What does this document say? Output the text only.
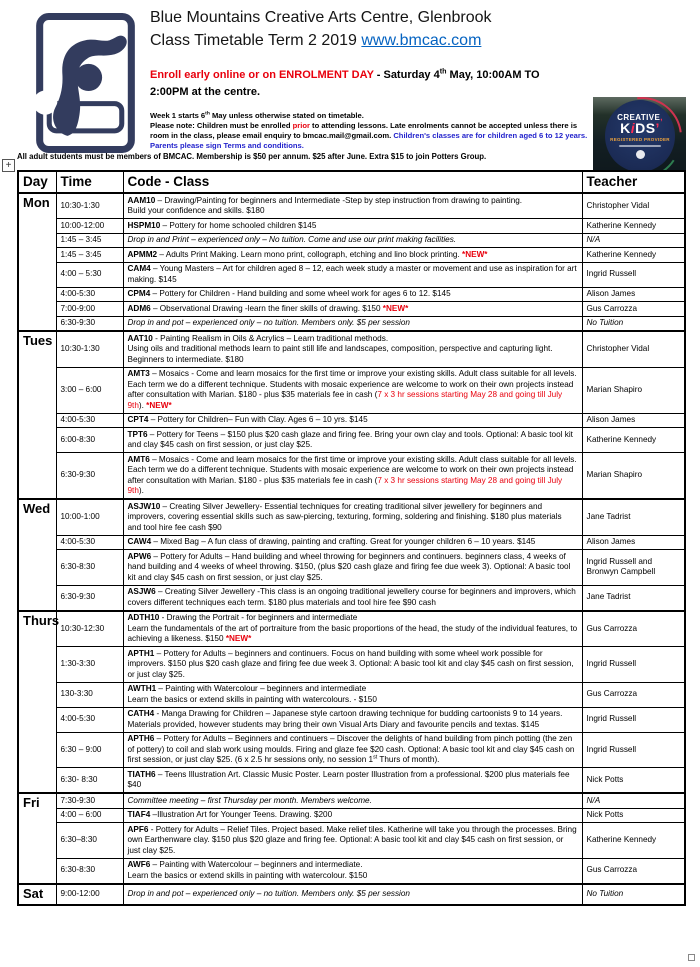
Blue Mountains Creative Arts Centre, Glenbrook
Class Timetable Term 2 2019 www.bmcac.com
Enroll early online or on ENROLMENT DAY - Saturday 4th May, 10:00AM TO
2:00PM at the centre.
Week 1 starts 6th May unless otherwise stated on timetable.
Please note: Children must be enrolled prior to attending lessons. Late enrolments cannot be accepted unless there is room in the class, please email enquiry to bmcac.mail@gmail.com. Children's classes are for children aged 6 to 12 years. Parents please sign Terms and conditions.
All adult students must be members of BMCAC. Membership is $50 per annum. $25 after June. Extra $15 to join Potters Group.
CREATIVE,
KiDS’
REGISTERED PROVIDER
+
Day	Time	Code - Class	Teacher
Mon	10:30-1:30	AAM10 – Drawing/Painting for beginners and Intermediate -Step by step instruction from drawing to painting.
Build your confidence and skills. $180	Christopher Vidal
	10:00-12:00	HSPM10 – Pottery for home schooled children $145	Katherine Kennedy
	1:45 – 3:45	Drop in and Print – experienced only – No tuition. Come and use our print making facilities.	N/A
	1:45 – 3:45	APMM2 – Adults Print Making. Learn mono print, collograph, etching and lino block printing. *NEW*	Katherine Kennedy
	4:00 – 5:30	CAM4 – Young Masters – Art for children aged 8 – 12, each week study a master or movement and use as inspiration for art making. $145	Ingrid Russell
	4:00-5:30	CPM4 – Pottery for Children - Hand building and some wheel work for ages 6 to 12. $145	Alison James
	7:00-9:00	ADM6 – Observational Drawing -learn the finer skills of drawing. $150 *NEW*	Gus Carrozza
	6:30-9:30	Drop in and pot – experienced only – no tuition. Members only. $5 per session	No Tuition
Tues	10:30-1:30	AAT10 - Painting Realism in Oils & Acrylics – Learn traditional methods.
Using oils and traditional methods learn to paint still life and landscapes, composition, perspective and capturing light. Beginners to intermediate. $180	Christopher Vidal
	3:00 – 6:00	AMT3 – Mosaics - Come and learn mosaics for the first time or improve your existing skills. Adult class suitable for all levels. Each term we do a different technique. Students with mosaic experience are welcome to work on their own projects instead after consultation with Marian. $180 - plus $35 materials fee in cash (7 x 3 hr sessions starting May 28 and going till July 9th). *NEW*	Marian Shapiro
	4:00-5:30	CPT4 – Pottery for Children– Fun with Clay. Ages 6 – 10 yrs. $145	Alison James
	6:00-8:30	TPT6 – Pottery for Teens – $150 plus $20 cash glaze and firing fee. Bring your own clay and tools. Optional: A basic tool kit and clay $45 cash on first session, or just clay $25.	Katherine Kennedy
	6:30-9:30	AMT6 – Mosaics - Come and learn mosaics for the first time or improve your existing skills. Adult class suitable for all levels. Each term we do a different technique. Students with mosaic experience are welcome to work on their own projects instead after consultation with Marian. $180 - plus $35 materials fee in cash (7 x 3 hr sessions starting May 28 and going till July 9th).	Marian Shapiro
Wed	10:00-1:00	ASJW10 – Creating Silver Jewellery- Essential techniques for creating traditional silver jewellery for beginners and improvers, covering essential skills such as saw-piercing, texturing, forming, soldering and finishing. $180 plus materials and tool hire fee cash $90	Jane Tadrist
	4:00-5:30	CAW4 – Mixed Bag – A fun class of drawing, painting and crafting. Great for younger children 6 – 10 years. $145	Alison James
	6:30-8:30	APW6 – Pottery for Adults – Hand building and wheel throwing for beginners and continuers. beginners class, 4 weeks of hand building and 4 weeks of wheel throwing. $150, (plus $20 cash glaze and firing fee due week 3). Optional: A basic tool kit and clay $45 cash on first session, or just clay $25.	Ingrid Russell and Bronwyn Campbell
	6:30-9:30	ASJW6 – Creating Silver Jewellery -This class is an ongoing traditional jewellery course for beginners and improvers, which covers different techniques each term. $180 plus materials and tool hire fee $90 cash	Jane Tadrist
Thurs	10:30-12:30	ADTH10 - Drawing the Portrait - for beginners and intermediate
Learn the fundamentals of the art of portraiture from the basic proportions of the head, the study of the individual features, to achieving a likeness. $150 *NEW*	Gus Carrozza
	1:30-3:30	APTH1 – Pottery for Adults – beginners and continuers. Focus on hand building with some wheel work possible for improvers. $150 plus $20 cash glaze and firing fee due week 3. Optional: A basic tool kit and clay $45 cash on first session, or just clay $25.	Ingrid Russell
	130-3:30	AWTH1 – Painting with Watercolour – beginners and intermediate
Learn the basics or extend skills in painting with watercolours. - $150	Gus Carrozza
	4:00-5:30	CATH4 - Manga Drawing for Children – Japanese style cartoon drawing technique for budding cartoonists 9 to 14 years. Materials provided, however students may bring their own Visual Arts Diary and favourite pencils and textas. $145	Ingrid Russell
	6:30 – 9:00	APTH6 – Pottery for Adults – Beginners and continuers – Discover the delights of hand building from pinch potting (the zen of pottery) to coil and slab work using moulds. Firing and glaze fee $20 cash. Optional: A basic tool kit and clay $45 cash on first session, or just clay $25. (6 x 2.5 hr sessions only, no session 1st Thurs of month).	Ingrid Russell
	6:30- 8:30	TIATH6 – Teens Illustration Art. Classic Music Poster. Learn poster Illustration from a professional. $200 plus materials fee $40	Nick Potts
Fri	7:30-9:30	Committee meeting – first Thursday per month. Members welcome.	N/A
	4:00 – 6:00	TIAF4 –Illustration Art for Younger Teens. Drawing. $200	Nick Potts
	6:30–8:30	APF6 - Pottery for Adults – Relief Tiles. Project based. Make relief tiles. Katherine will take you through the processes. Bring own Earthenware clay. $150 plus $20 glaze and firing fee. Optional: A basic tool kit and clay $45 cash on first session, or just clay $25.	Katherine Kennedy
	6:30-8:30	AWF6 – Painting with Watercolour – beginners and intermediate.
Learn the basics or extend skills in painting with watercolour. $150	Gus Carrozza
Sat	9:00-12:00	Drop in and pot – experienced only – no tuition. Members only. $5 per session	No Tuition
